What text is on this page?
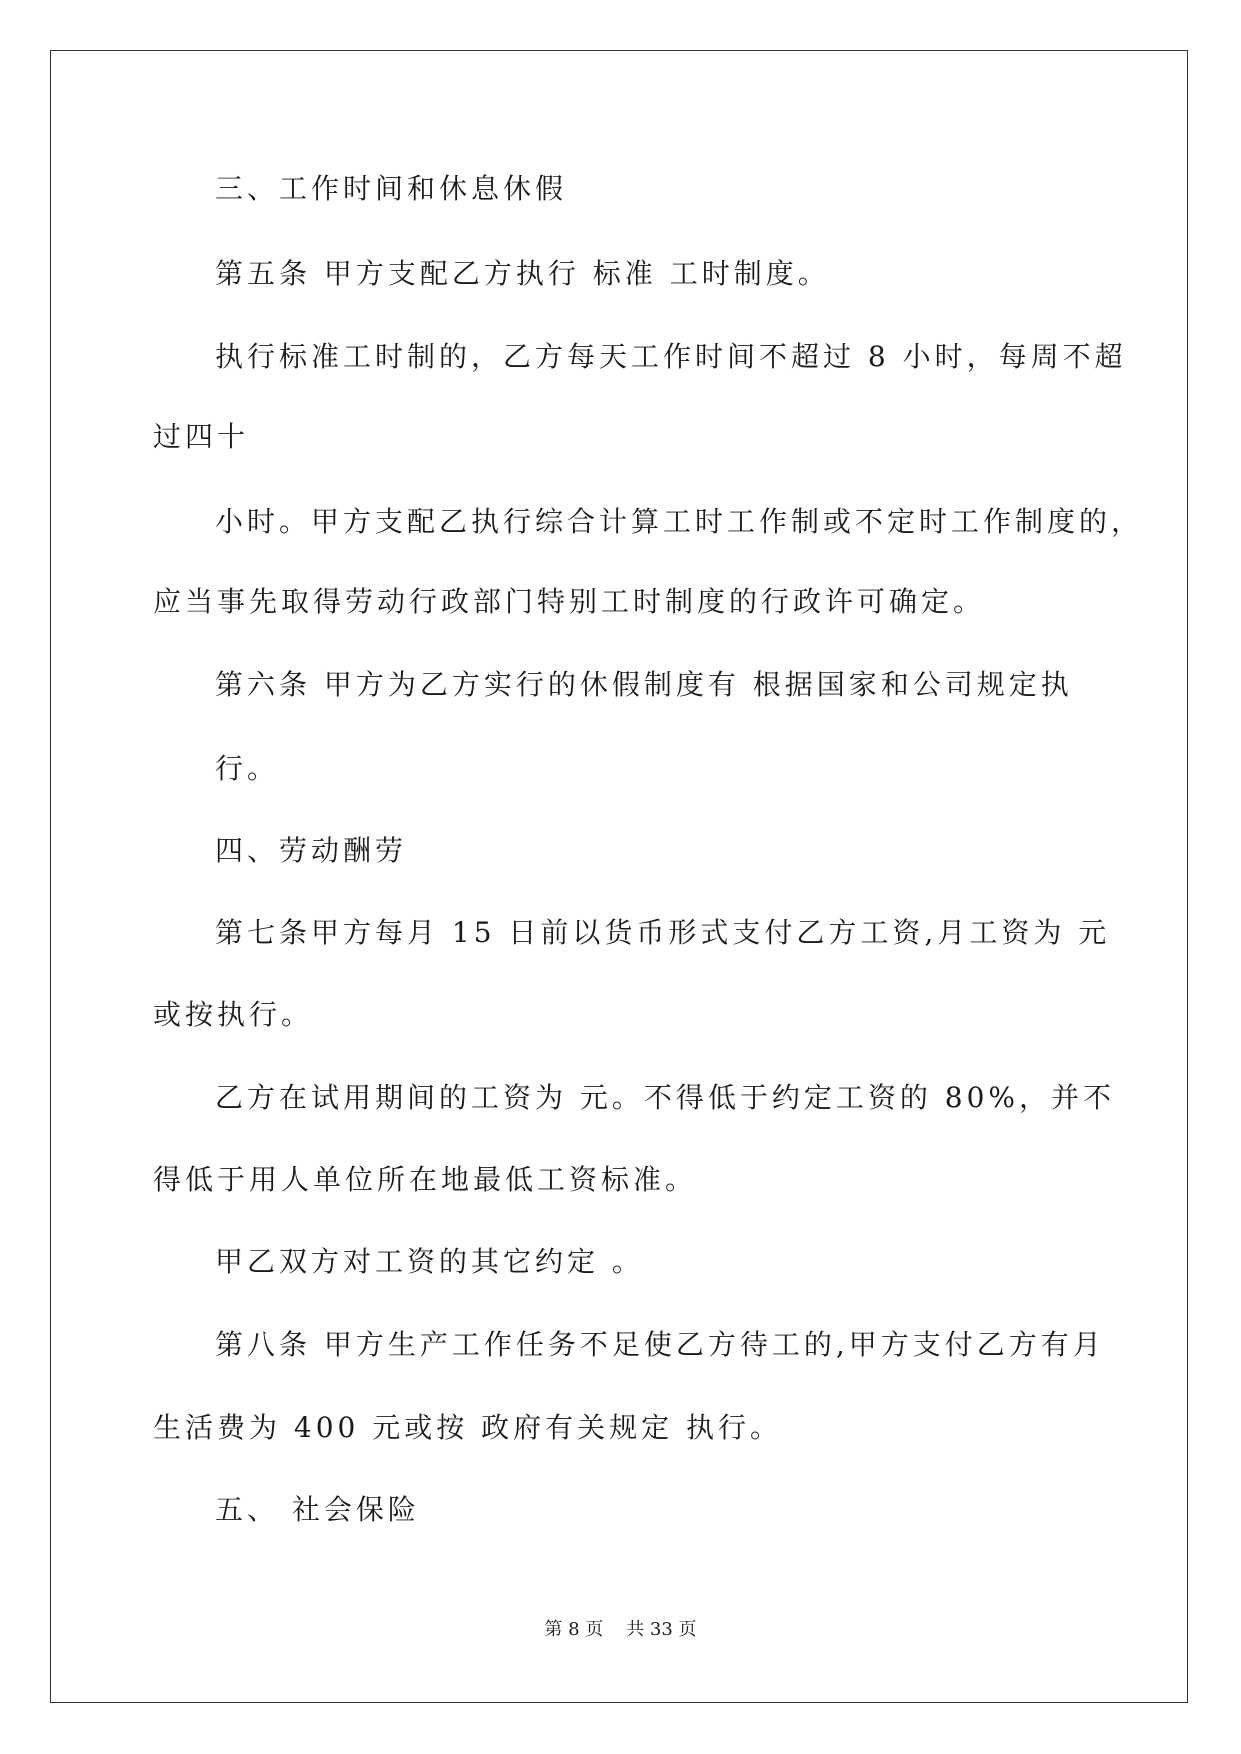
三、工作时间和休息休假
第五条 甲方支配乙方执行 标准 工时制度。
执行标准工时制的，乙方每天工作时间不超过 8 小时，每周不超
过四十
小时。甲方支配乙执行综合计算工时工作制或不定时工作制度的，
应当事先取得劳动行政部门特别工时制度的行政许可确定。
第六条 甲方为乙方实行的休假制度有 根据国家和公司规定执
行。
四、劳动酬劳
第七条甲方每月 15 日前以货币形式支付乙方工资,月工资为 元
或按执行。
乙方在试用期间的工资为 元。不得低于约定工资的 80%，并不
得低于用人单位所在地最低工资标准。
甲乙双方对工资的其它约定 。
第八条 甲方生产工作任务不足使乙方待工的,甲方支付乙方有月
生活费为 400 元或按 政府有关规定 执行。
五、 社会保险
第 8 页    共 33 页
